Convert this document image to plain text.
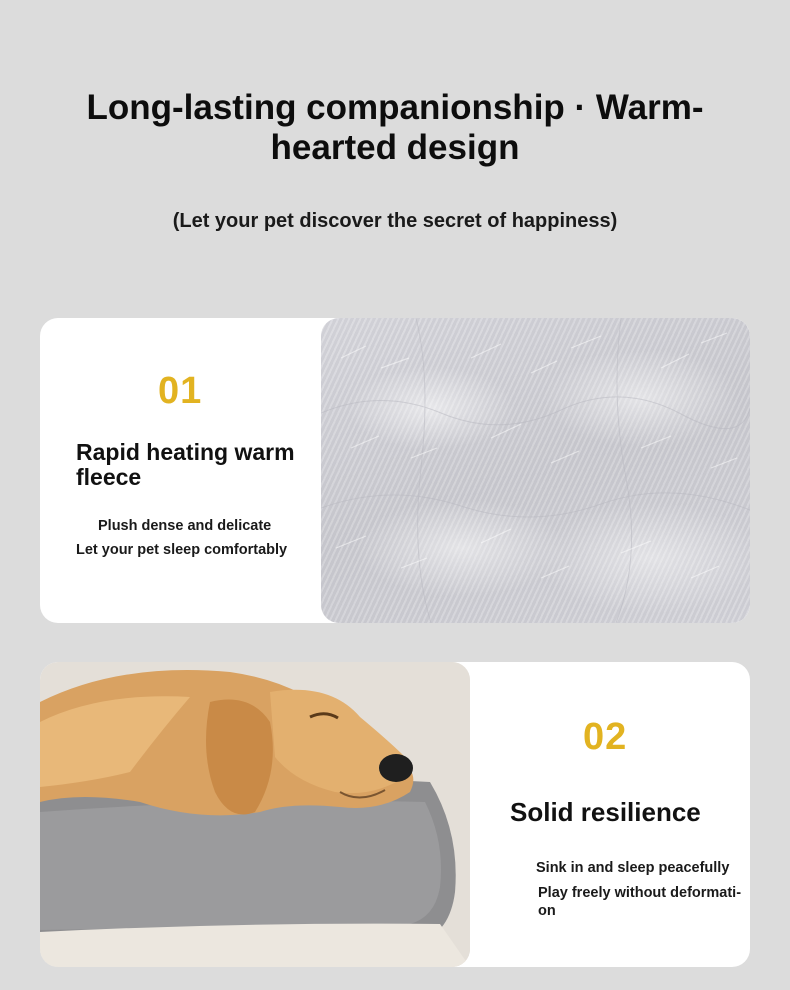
Long-lasting companionship · Warm-hearted design
(Let your pet discover the secret of happiness)
01
Rapid heating warm fleece
Plush dense and delicate
Let your pet sleep comfortably
02
Solid resilience
Sink in and sleep peacefully
Play freely without deformati-on
